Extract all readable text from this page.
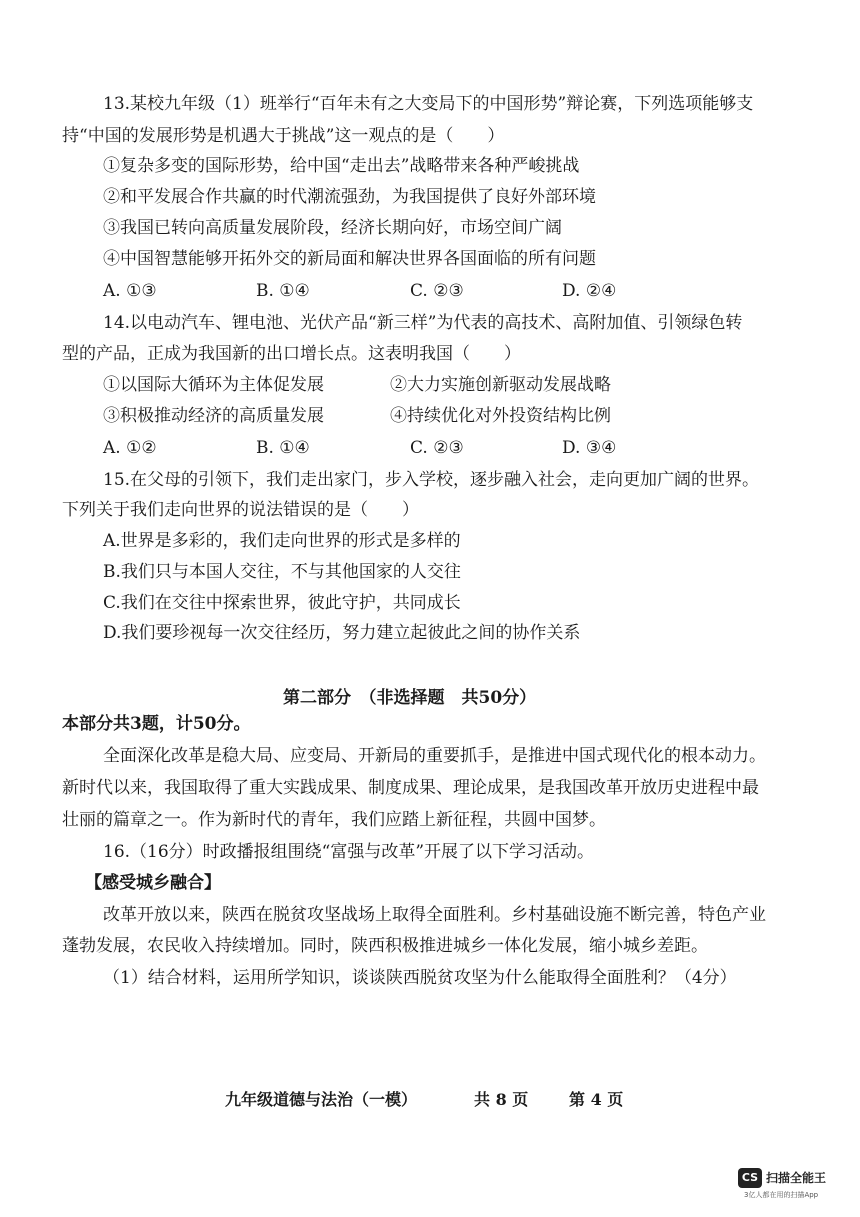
13.某校九年级（1）班举行“百年未有之大变局下的中国形势”辩论赛，下列选项能够支
持“中国的发展形势是机遇大于挑战”这一观点的是（　　）
①复杂多变的国际形势，给中国“走出去”战略带来各种严峻挑战
②和平发展合作共赢的时代潮流强劲，为我国提供了良好外部环境
③我国已转向高质量发展阶段，经济长期向好，市场空间广阔
④中国智慧能够开拓外交的新局面和解决世界各国面临的所有问题
A. ①③	B. ①④	C. ②③	D. ②④
14.以电动汽车、锂电池、光伏产品“新三样”为代表的高技术、高附加值、引领绿色转
型的产品，正成为我国新的出口增长点。这表明我国（　　）
①以国际大循环为主体促发展	②大力实施创新驱动发展战略
③积极推动经济的高质量发展	④持续优化对外投资结构比例
A. ①②	B. ①④	C. ②③	D. ③④
15.在父母的引领下，我们走出家门，步入学校，逐步融入社会，走向更加广阔的世界。
下列关于我们走向世界的说法错误的是（　　）
A.世界是多彩的，我们走向世界的形式是多样的
B.我们只与本国人交往，不与其他国家的人交往
C.我们在交往中探索世界，彼此守护，共同成长
D.我们要珍视每一次交往经历，努力建立起彼此之间的协作关系
第二部分　（非选择题　共50分）
本部分共3题，计50分。
全面深化改革是稳大局、应变局、开新局的重要抓手，是推进中国式现代化的根本动力。
新时代以来，我国取得了重大实践成果、制度成果、理论成果，是我国改革开放历史进程中最
壮丽的篇章之一。作为新时代的青年，我们应踏上新征程，共圆中国梦。
16.（16分）时政播报组围绕“富强与改革”开展了以下学习活动。
【感受城乡融合】
改革开放以来，陕西在脱贫攻坚战场上取得全面胜利。乡村基础设施不断完善，特色产业
蓬勃发展，农民收入持续增加。同时，陕西积极推进城乡一体化发展，缩小城乡差距。
（1）结合材料，运用所学知识，谈谈陕西脱贫攻坚为什么能取得全面胜利？（4分）
九年级道德与法治（一模）	共 8 页	第 4 页
CS 扫描全能王
3亿人都在用的扫描App
